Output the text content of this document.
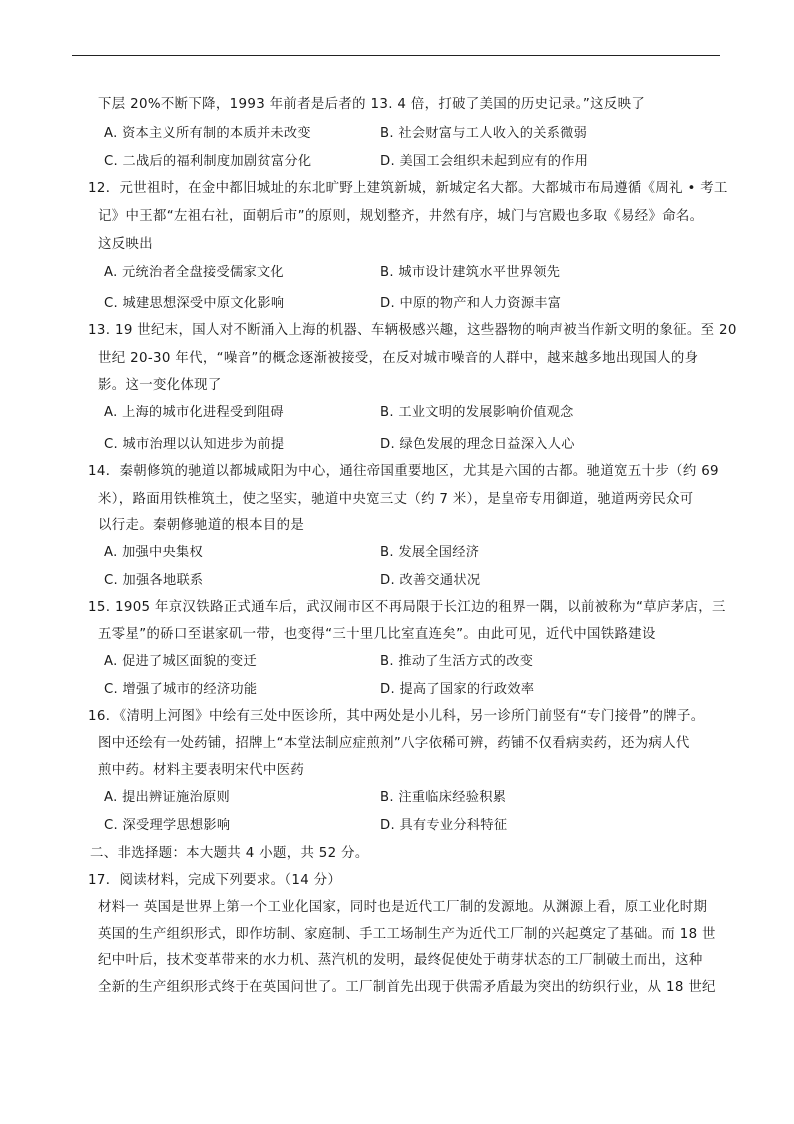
下层 20%不断下降，1993 年前者是后者的 13. 4 倍，打破了美国的历史记录。”这反映了
A. 资本主义所有制的本质并未改变	B. 社会财富与工人收入的关系微弱
C. 二战后的福利制度加剧贫富分化	D. 美国工会组织未起到应有的作用
12．元世祖时，在金中都旧城址的东北旷野上建筑新城，新城定名大都。大都城市布局遵循《周礼 • 考工
记》中王都“左祖右社，面朝后市”的原则，规划整齐，井然有序，城门与宫殿也多取《易经》命名。
这反映出
A. 元统治者全盘接受儒家文化	B. 城市设计建筑水平世界领先
C. 城建思想深受中原文化影响	D. 中原的物产和人力资源丰富
13. 19 世纪末，国人对不断涌入上海的机器、车辆极感兴趣，这些器物的响声被当作新文明的象征。至 20
世纪 20-30 年代，“噪音”的概念逐渐被接受，在反对城市噪音的人群中，越来越多地出现国人的身
影。这一变化体现了
A. 上海的城市化进程受到阻碍	B. 工业文明的发展影响价值观念
C. 城市治理以认知进步为前提	D. 绿色发展的理念日益深入人心
14．秦朝修筑的驰道以都城咸阳为中心，通往帝国重要地区，尤其是六国的古都。驰道宽五十步（约 69
米），路面用铁椎筑土，使之坚实，驰道中央宽三丈（约 7 米），是皇帝专用御道，驰道两旁民众可
以行走。秦朝修驰道的根本目的是
A. 加强中央集权	B. 发展全国经济
C. 加强各地联系	D. 改善交通状况
15. 1905 年京汉铁路正式通车后，武汉闹市区不再局限于长江边的租界一隅，以前被称为“草庐茅店，三
五零星”的硚口至谌家矶一带，也变得“三十里几比室直连矣”。由此可见，近代中国铁路建设
A. 促进了城区面貌的变迁	B. 推动了生活方式的改变
C. 增强了城市的经济功能	D. 提高了国家的行政效率
16．《清明上河图》中绘有三处中医诊所，其中两处是小儿科，另一诊所门前竖有“专门接骨”的牌子。
图中还绘有一处药铺，招牌上“本堂法制应症煎剂”八字依稀可辨，药铺不仅看病卖药，还为病人代
煎中药。材料主要表明宋代中医药
A. 提出辨证施治原则	B. 注重临床经验积累
C. 深受理学思想影响	D. 具有专业分科特征
二、非选择题：本大题共 4 小题，共 52 分。
17．阅读材料，完成下列要求。（14 分）
材料一 英国是世界上第一个工业化国家，同时也是近代工厂制的发源地。从渊源上看，原工业化时期
英国的生产组织形式，即作坊制、家庭制、手工工场制生产为近代工厂制的兴起奠定了基础。而 18 世
纪中叶后，技术变革带来的水力机、蒸汽机的发明，最终促使处于萌芽状态的工厂制破土而出，这种
全新的生产组织形式终于在英国问世了。工厂制首先出现于供需矛盾最为突出的纺织行业，从 18 世纪
